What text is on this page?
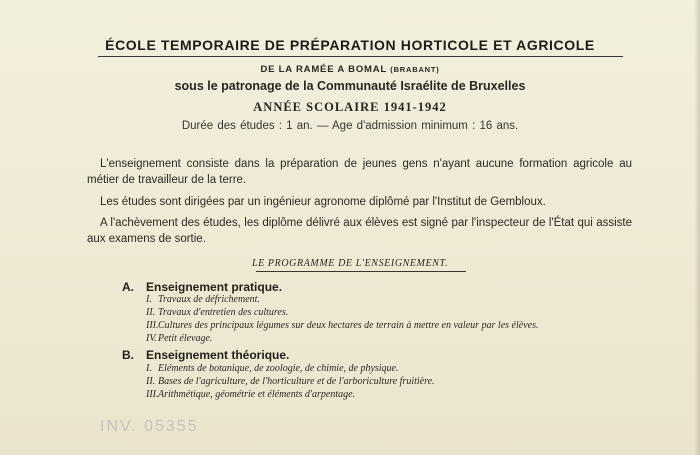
ÉCOLE TEMPORAIRE DE PRÉPARATION HORTICOLE ET AGRICOLE
DE LA RAMÉE A BOMAL (BRABANT)
sous le patronage de la Communauté Israélite de Bruxelles
ANNÉE SCOLAIRE 1941-1942
Durée des études : 1 an. — Age d'admission minimum : 16 ans.
L'enseignement consiste dans la préparation de jeunes gens n'ayant aucune formation agricole au métier de travailleur de la terre.
Les études sont dirigées par un ingénieur agronome diplômé par l'Institut de Gembloux.
A l'achèvement des études, les diplôme délivré aux élèves est signé par l'inspecteur de l'État qui assiste aux examens de sortie.
LE PROGRAMME DE L'ENSEIGNEMENT.
A. Enseignement pratique.
I. Travaux de défrichement.
II. Travaux d'entretien des cultures.
III.Cultures des principaux légumes sur deux hectares de terrain à mettre en valeur par les élèves.
IV.Petit élevage.
B. Enseignement théorique.
I. Eléments de botanique, de zoologie, de chimie, de physique.
II. Bases de l'agriculture, de l'horticulture et de l'arboriculture fruitière.
III.Arithmétique, géométrie et éléments d'arpentage.
INV. 05355
